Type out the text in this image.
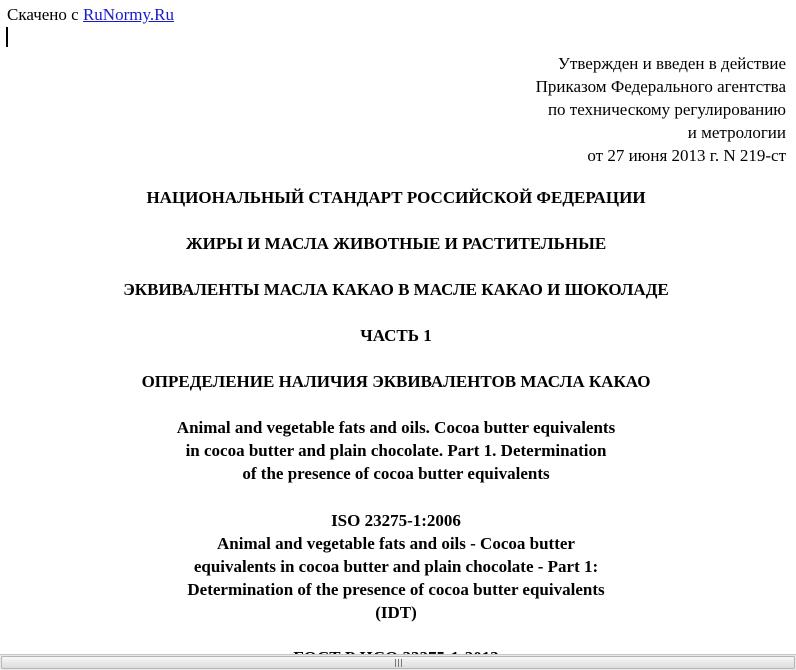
Скачено с RuNormy.Ru
Утвержден и введен в действие
Приказом Федерального агентства
по техническому регулированию
и метрологии
от 27 июня 2013 г. N 219-ст
НАЦИОНАЛЬНЫЙ СТАНДАРТ РОССИЙСКОЙ ФЕДЕРАЦИИ
ЖИРЫ И МАСЛА ЖИВОТНЫЕ И РАСТИТЕЛЬНЫЕ
ЭКВИВАЛЕНТЫ МАСЛА КАКАО В МАСЛЕ КАКАО И ШОКОЛАДЕ
ЧАСТЬ 1
ОПРЕДЕЛЕНИЕ НАЛИЧИЯ ЭКВИВАЛЕНТОВ МАСЛА КАКАО
Animal and vegetable fats and oils. Cocoa butter equivalents
in cocoa butter and plain chocolate. Part 1. Determination
of the presence of cocoa butter equivalents
ISO 23275-1:2006
Animal and vegetable fats and oils - Cocoa butter
equivalents in cocoa butter and plain chocolate - Part 1:
Determination of the presence of cocoa butter equivalents
(IDT)
